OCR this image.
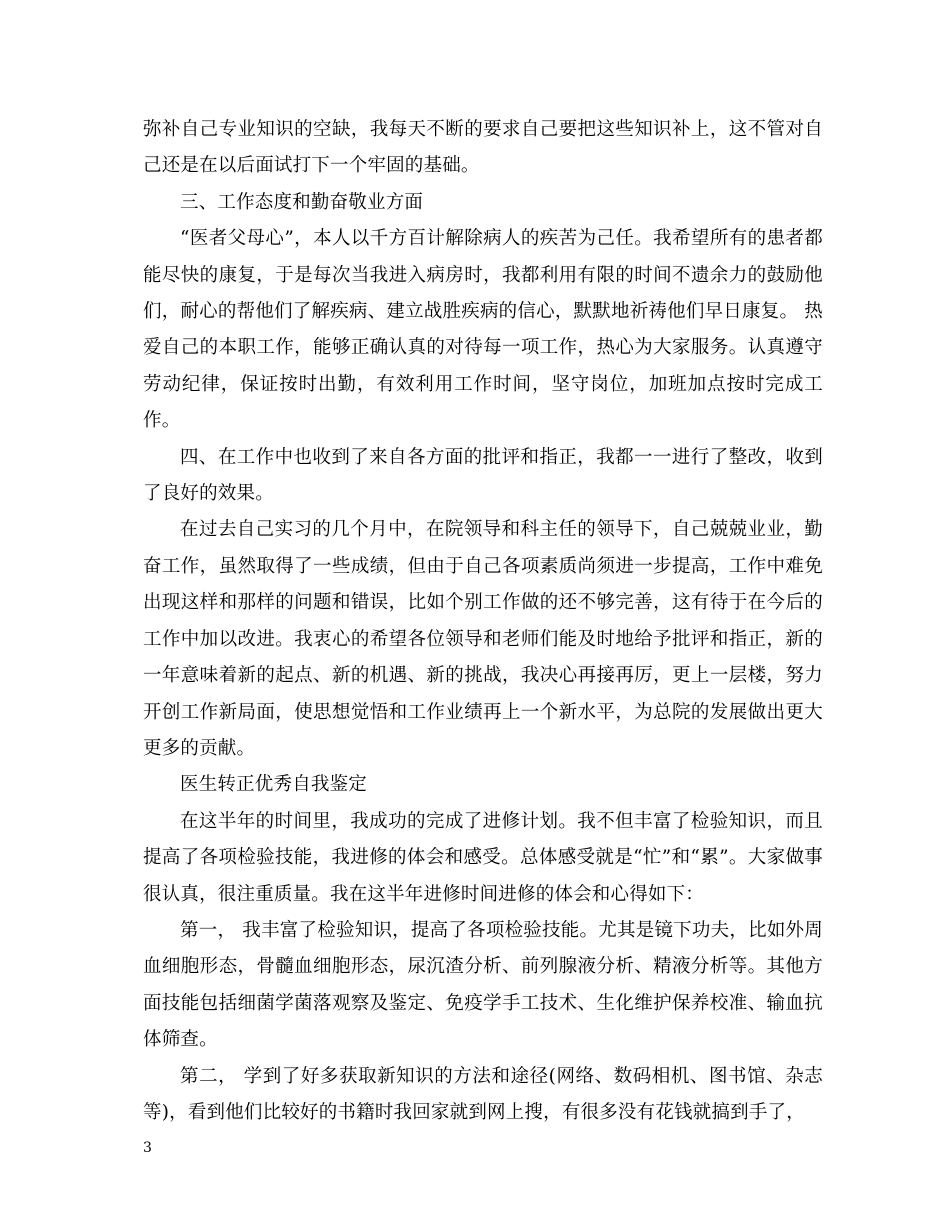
弥补自己专业知识的空缺，我每天不断的要求自己要把这些知识补上，这不管对自己还是在以后面试打下一个牢固的基础。

三、工作态度和勤奋敬业方面

“医者父母心”，本人以千方百计解除病人的疾苦为己任。我希望所有的患者都能尽快的康复，于是每次当我进入病房时，我都利用有限的时间不遗余力的鼓励他们，耐心的帮他们了解疾病、建立战胜疾病的信心，默默地祈祷他们早日康复。 热爱自己的本职工作，能够正确认真的对待每一项工作，热心为大家服务。认真遵守劳动纪律，保证按时出勤，有效利用工作时间，坚守岗位，加班加点按时完成工作。

四、在工作中也收到了来自各方面的批评和指正，我都一一进行了整改，收到了良好的效果。

在过去自己实习的几个月中，在院领导和科主任的领导下，自己兢兢业业，勤奋工作，虽然取得了一些成绩，但由于自己各项素质尚须进一步提高，工作中难免出现这样和那样的问题和错误，比如个别工作做的还不够完善，这有待于在今后的工作中加以改进。我衷心的希望各位领导和老师们能及时地给予批评和指正，新的一年意味着新的起点、新的机遇、新的挑战，我决心再接再厉，更上一层楼，努力开创工作新局面，使思想觉悟和工作业绩再上一个新水平，为总院的发展做出更大更多的贡献。

医生转正优秀自我鉴定

在这半年的时间里，我成功的完成了进修计划。我不但丰富了检验知识，而且提高了各项检验技能，我进修的体会和感受。总体感受就是“忙”和“累”。大家做事很认真，很注重质量。我在这半年进修时间进修的体会和心得如下：

第一， 我丰富了检验知识，提高了各项检验技能。尤其是镜下功夫，比如外周血细胞形态，骨髓血细胞形态，尿沉渣分析、前列腺液分析、精液分析等。其他方面技能包括细菌学菌落观察及鉴定、免疫学手工技术、生化维护保养校准、输血抗体筛查。

第二， 学到了好多获取新知识的方法和途径(网络、数码相机、图书馆、杂志等)，看到他们比较好的书籍时我回家就到网上搜，有很多没有花钱就搞到手了，

3
